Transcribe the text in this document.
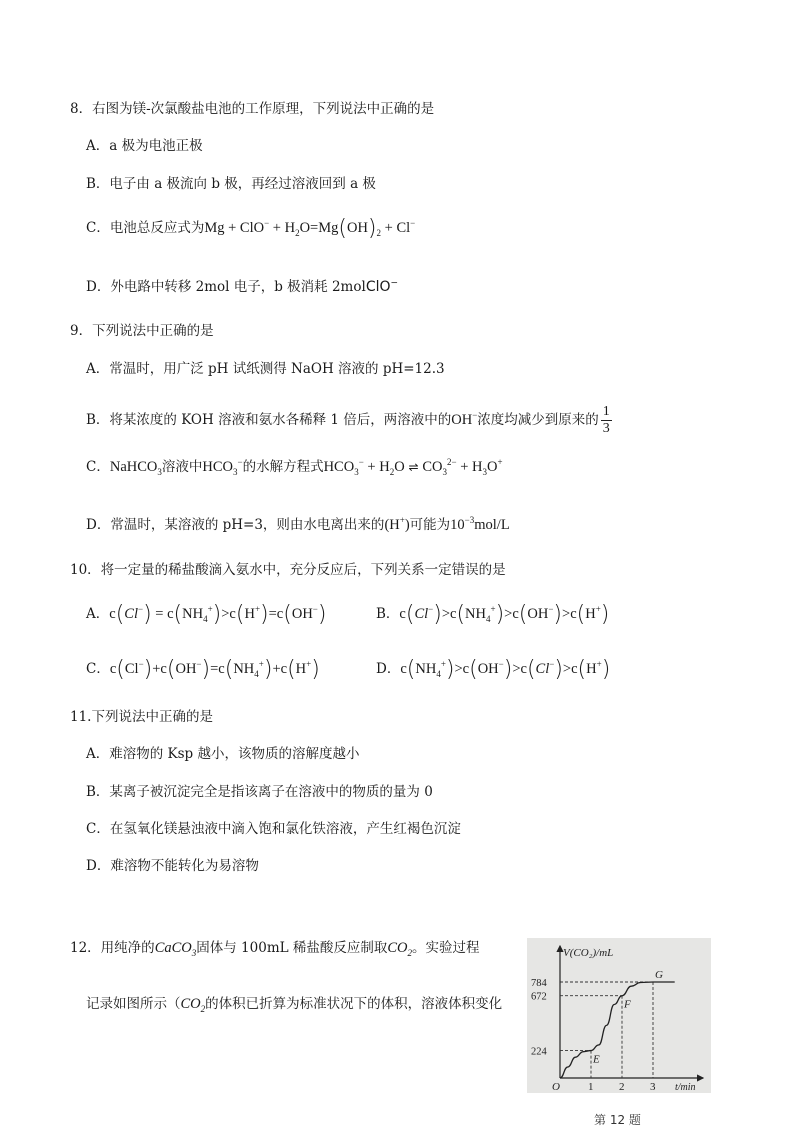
8．右图为镁-次氯酸盐电池的工作原理，下列说法中正确的是
A．a 极为电池正极
B．电子由 a 极流向 b 极，再经过溶液回到 a 极
C．电池总反应式为$Mg + ClO^- + H_2O=Mg(OH)_2 + Cl^-$
D．外电路中转移 2mol 电子，b 极消耗 2molClO−
9．下列说法中正确的是
A．常温时，用广泛 pH 试纸测得 NaOH 溶液的 pH=12.3
B．将某浓度的 KOH 溶液和氨水各稀释 1 倍后，两溶液中的OH−浓度均减少到原来的 $\frac{1}{3}$
C．NaHCO$_3$溶液中$HCO_3^-$的水解方程式$HCO_3^- + H_2O$ ⇌ $CO_3^{2-} + H_3O^+$
D．常温时，某溶液的 pH=3，则由水电离出来的(H+)可能为$10^{-3}mol/L$
10．将一定量的稀盐酸滴入氨水中，充分反应后，下列关系一定错误的是
A．$c(Cl^-) = c(NH_4^+)>c(H^+)=c(OH^-)$	B．$c(Cl^-)>c(NH_4^+)>c(OH^-)>c(H^+)$
C．$c(Cl^-)+c(OH^-)=c(NH_4^+)+c(H^+)$	D．$c(NH_4^+)>c(OH^-)>c(Cl^-)>c(H^+)$
11.下列说法中正确的是
A．难溶物的 Ksp 越小，该物质的溶解度越小
B．某离子被沉淀完全是指该离子在溶液中的物质的量为 0
C．在氢氧化镁悬浊液中滴入饱和氯化铁溶液，产生红褐色沉淀
D．难溶物不能转化为易溶物
12．用纯净的CaCO$_3$固体与 100mL 稀盐酸反应制取$CO_2$。实验过程
记录如图所示（$CO_2$的体积已折算为标准状况下的体积，溶液体积变化
V(CO₂)/mL
t/min
O	1 2 3
224
672
784
E
F
G
第 12 题
